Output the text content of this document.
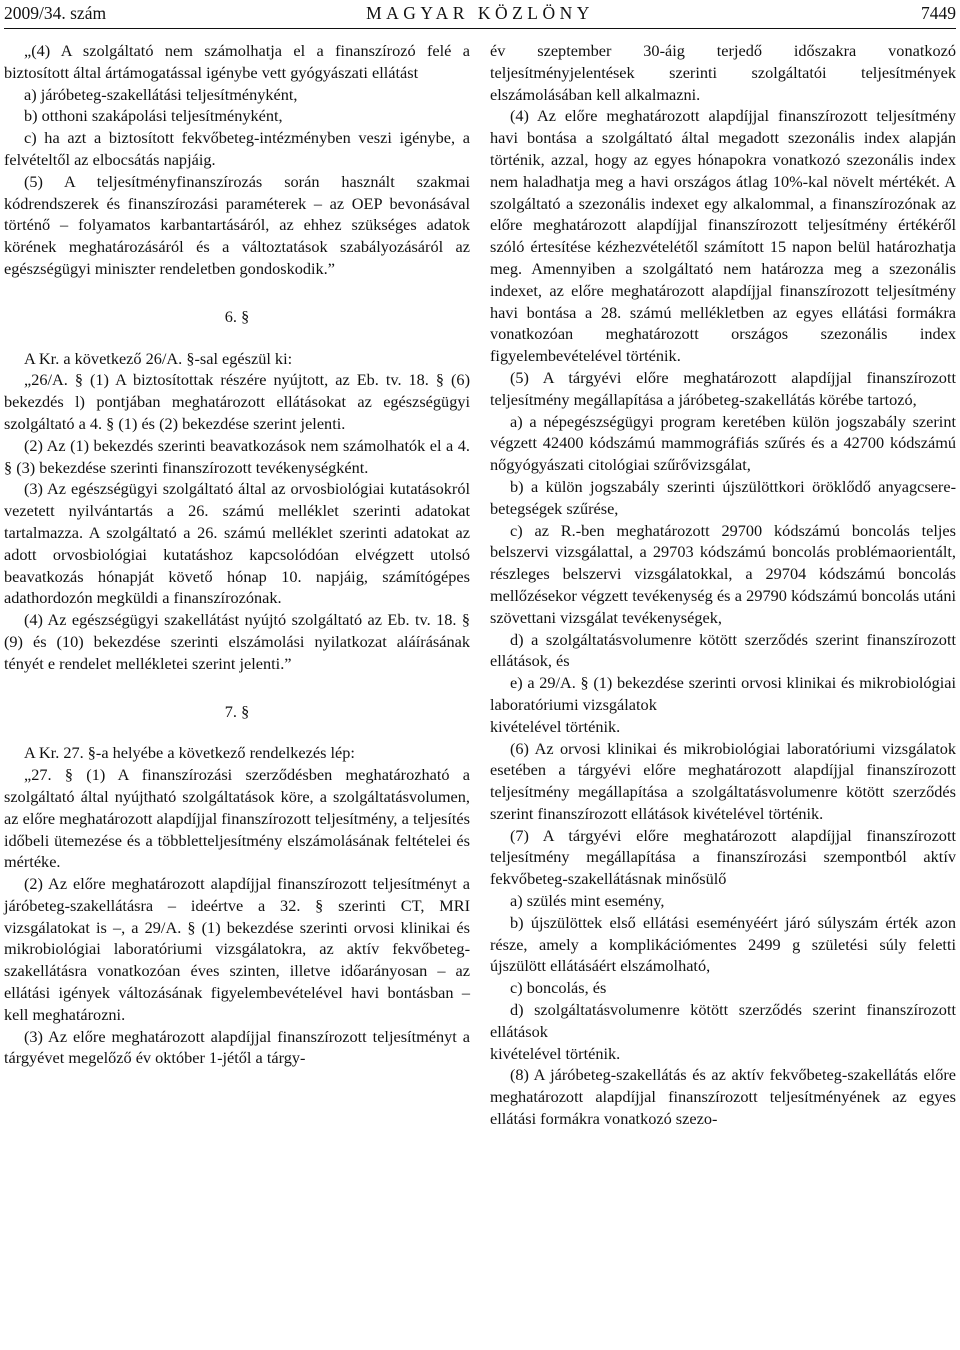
2009/34. szám	MAGYAR KÖZLÖNY	7449

„(4) A szolgáltató nem számolhatja el a finanszírozó felé a biztosított által ártámogatással igénybe vett gyógyászati ellátást

a) járóbeteg-szakellátási teljesítményként,

b) otthoni szakápolási teljesítményként,

c) ha azt a biztosított fekvőbeteg-intézményben veszi igénybe, a felvételtől az elbocsátás napjáig.

(5) A teljesítményfinanszírozás során használt szakmai kódrendszerek és finanszírozási paraméterek – az OEP bevonásával történő – folyamatos karbantartásáról, az ehhez szükséges adatok körének meghatározásáról és a változtatások szabályozásáról az egészségügyi miniszter rendeletben gondoskodik.”

6. §

A Kr. a következő 26/A. §-sal egészül ki:

„26/A. § (1) A biztosítottak részére nyújtott, az Eb. tv. 18. § (6) bekezdés l) pontjában meghatározott ellátásokat az egészségügyi szolgáltató a 4. § (1) és (2) bekezdése szerint jelenti.

(2) Az (1) bekezdés szerinti beavatkozások nem számolhatók el a 4. § (3) bekezdése szerinti finanszírozott tevékenységként.

(3) Az egészségügyi szolgáltató által az orvosbiológiai kutatásokról vezetett nyilvántartás a 26. számú melléklet szerinti adatokat tartalmazza. A szolgáltató a 26. számú melléklet szerinti adatokat az adott orvosbiológiai kutatáshoz kapcsolódóan elvégzett utolsó beavatkozás hónapját követő hónap 10. napjáig, számítógépes adathordozón megküldi a finanszírozónak.

(4) Az egészségügyi szakellátást nyújtó szolgáltató az Eb. tv. 18. § (9) és (10) bekezdése szerinti elszámolási nyilatkozat aláírásának tényét e rendelet mellékletei szerint jelenti.”

7. §

A Kr. 27. §-a helyébe a következő rendelkezés lép:

„27. § (1) A finanszírozási szerződésben meghatározható a szolgáltató által nyújtható szolgáltatások köre, a szolgáltatásvolumen, az előre meghatározott alapdíjjal finanszírozott teljesítmény, a teljesítés időbeli ütemezése és a többletteljesítmény elszámolásának feltételei és mértéke.

(2) Az előre meghatározott alapdíjjal finanszírozott teljesítményt a járóbeteg-szakellátásra – ideértve a 32. § szerinti CT, MRI vizsgálatokat is –, a 29/A. § (1) bekezdése szerinti orvosi klinikai és mikrobiológiai laboratóriumi vizsgálatokra, az aktív fekvőbeteg-szakellátásra vonatkozóan éves szinten, illetve időarányosan – az ellátási igények változásának figyelembevételével havi bontásban – kell meghatározni.

(3) Az előre meghatározott alapdíjjal finanszírozott teljesítményt a tárgyévet megelőző év október 1-jétől a tárgy-

év szeptember 30-áig terjedő időszakra vonatkozó teljesítményjelentések szerinti szolgáltatói teljesítmények elszámolásában kell alkalmazni.

(4) Az előre meghatározott alapdíjjal finanszírozott teljesítmény havi bontása a szolgáltató által megadott szezonális index alapján történik, azzal, hogy az egyes hónapokra vonatkozó szezonális index nem haladhatja meg a havi országos átlag 10%-kal növelt mértékét. A szolgáltató a szezonális indexet egy alkalommal, a finanszírozónak az előre meghatározott alapdíjjal finanszírozott teljesítmény értékéről szóló értesítése kézhezvételétől számított 15 napon belül határozhatja meg. Amennyiben a szolgáltató nem határozza meg a szezonális indexet, az előre meghatározott alapdíjjal finanszírozott teljesítmény havi bontása a 28. számú mellékletben az egyes ellátási formákra vonatkozóan meghatározott országos szezonális index figyelembevételével történik.

(5) A tárgyévi előre meghatározott alapdíjjal finanszírozott teljesítmény megállapítása a járóbeteg-szakellátás körébe tartozó,

a) a népegészségügyi program keretében külön jogszabály szerint végzett 42400 kódszámú mammográfiás szűrés és a 42700 kódszámú nőgyógyászati citológiai szűrővizsgálat,

b) a külön jogszabály szerinti újszülöttkori öröklődő anyagcsere-betegségek szűrése,

c) az R.-ben meghatározott 29700 kódszámú boncolás teljes belszervi vizsgálattal, a 29703 kódszámú boncolás problémaorientált, részleges belszervi vizsgálatokkal, a 29704 kódszámú boncolás mellőzésekor végzett tevékenység és a 29790 kódszámú boncolás utáni szövettani vizsgálat tevékenységek,

d) a szolgáltatásvolumenre kötött szerződés szerint finanszírozott ellátások, és

e) a 29/A. § (1) bekezdése szerinti orvosi klinikai és mikrobiológiai laboratóriumi vizsgálatok

kivételével történik.

(6) Az orvosi klinikai és mikrobiológiai laboratóriumi vizsgálatok esetében a tárgyévi előre meghatározott alapdíjjal finanszírozott teljesítmény megállapítása a szolgáltatásvolumenre kötött szerződés szerint finanszírozott ellátások kivételével történik.

(7) A tárgyévi előre meghatározott alapdíjjal finanszírozott teljesítmény megállapítása a finanszírozási szempontból aktív fekvőbeteg-szakellátásnak minősülő

a) szülés mint esemény,

b) újszülöttek első ellátási eseményéért járó súlyszám érték azon része, amely a komplikációmentes 2499 g születési súly feletti újszülött ellátásáért elszámolható,

c) boncolás, és

d) szolgáltatásvolumenre kötött szerződés szerint finanszírozott ellátások

kivételével történik.

(8) A járóbeteg-szakellátás és az aktív fekvőbeteg-szakellátás előre meghatározott alapdíjjal finanszírozott teljesítményének az egyes ellátási formákra vonatkozó szezo-
